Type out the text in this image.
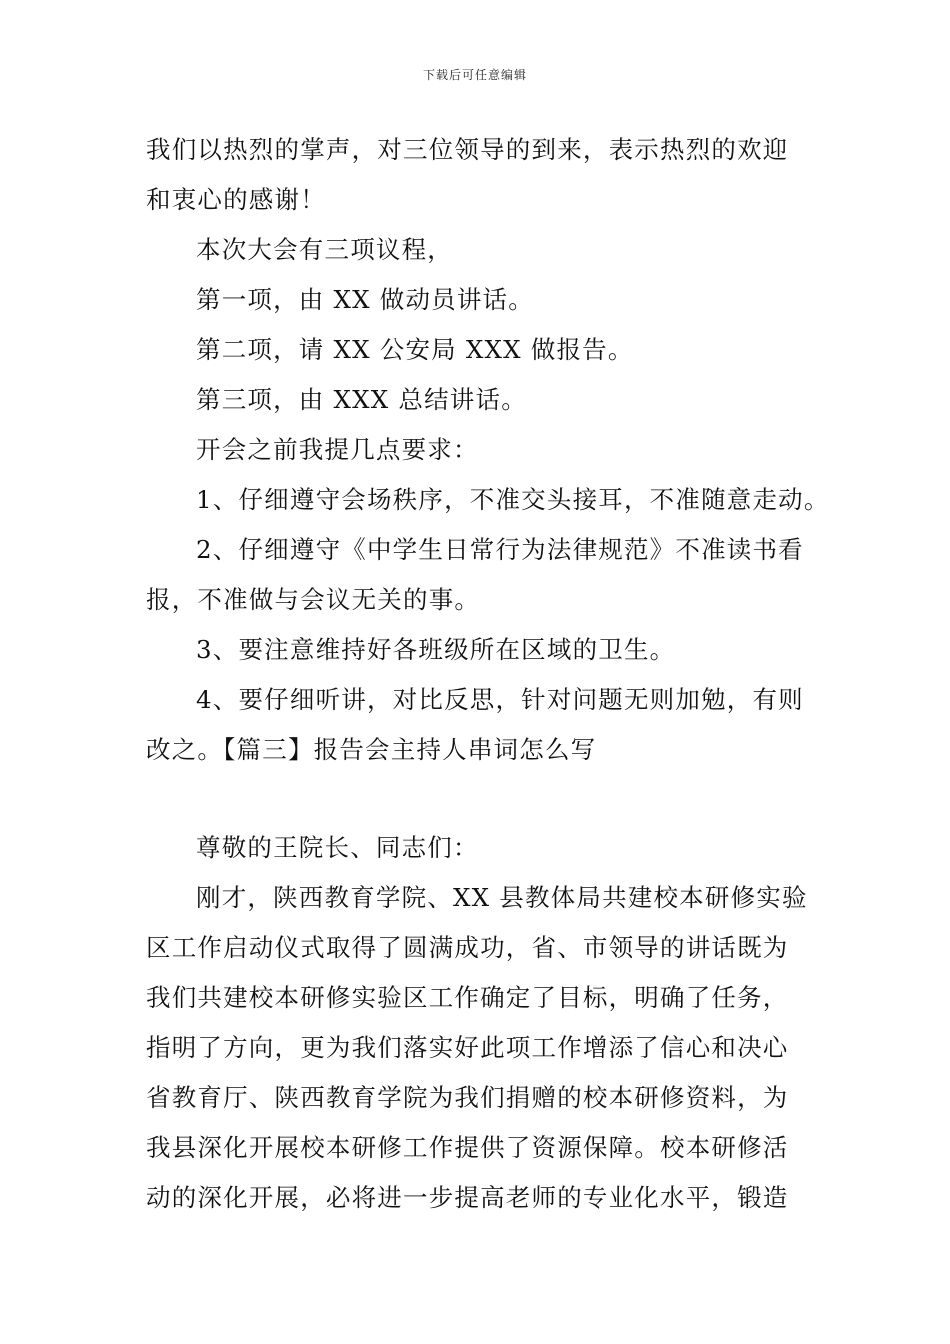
下载后可任意编辑
我们以热烈的掌声，对三位领导的到来，表示热烈的欢迎
和衷心的感谢！
本次大会有三项议程，
第一项，由 XX 做动员讲话。
第二项，请 XX 公安局 XXX 做报告。
第三项，由 XXX 总结讲话。
开会之前我提几点要求：
1、仔细遵守会场秩序，不准交头接耳，不准随意走动。
2、仔细遵守《中学生日常行为法律规范》不准读书看
报，不准做与会议无关的事。
3、要注意维持好各班级所在区域的卫生。
4、要仔细听讲，对比反思，针对问题无则加勉，有则
改之。【篇三】报告会主持人串词怎么写
尊敬的王院长、同志们：
刚才，陕西教育学院、XX 县教体局共建校本研修实验
区工作启动仪式取得了圆满成功，省、市领导的讲话既为
我们共建校本研修实验区工作确定了目标，明确了任务，
指明了方向，更为我们落实好此项工作增添了信心和决心
省教育厅、陕西教育学院为我们捐赠的校本研修资料，为
我县深化开展校本研修工作提供了资源保障。校本研修活
动的深化开展，必将进一步提高老师的专业化水平，锻造
